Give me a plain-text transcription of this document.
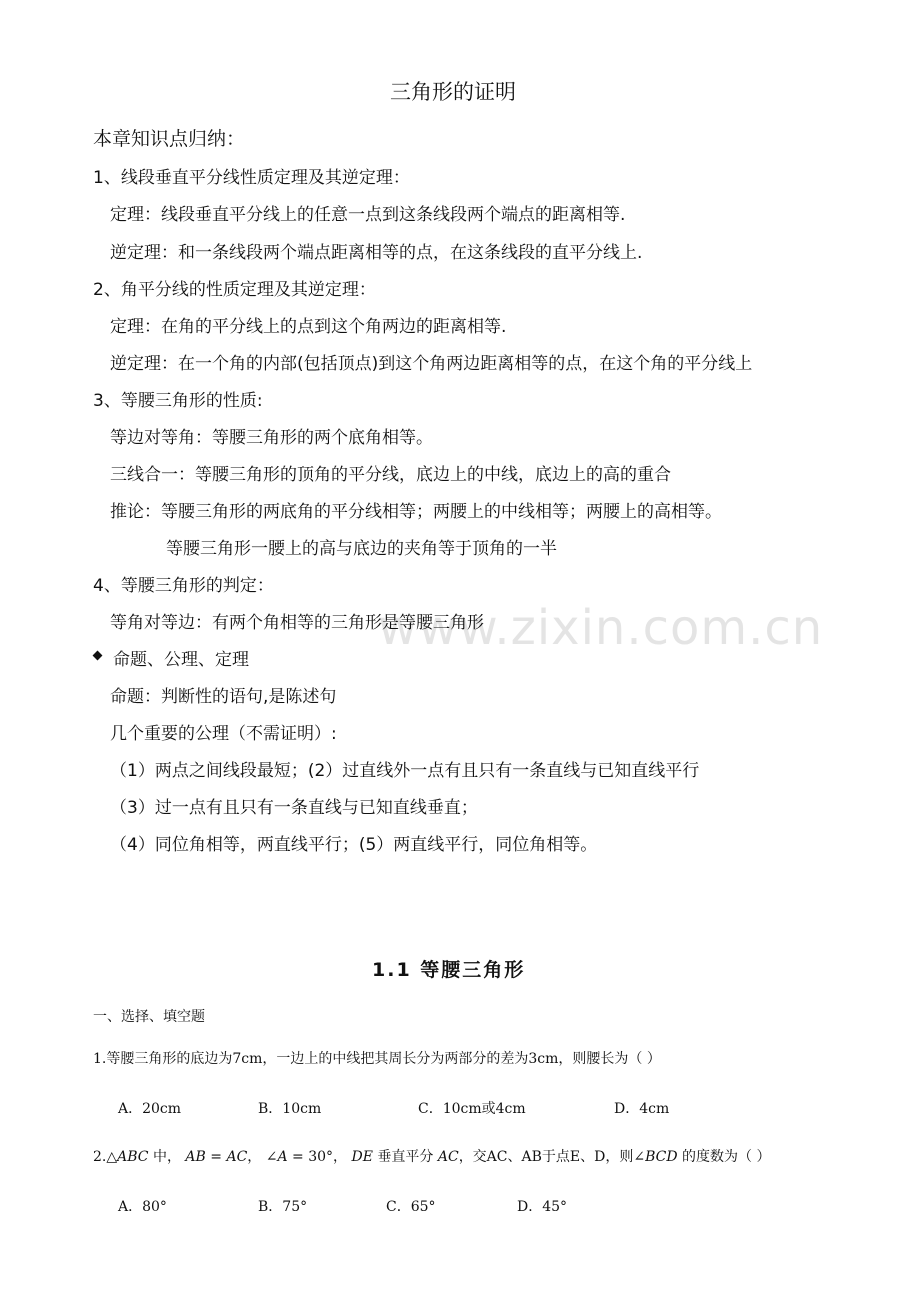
www.zixin.com.cn
三角形的证明
本章知识点归纳：
1、线段垂直平分线性质定理及其逆定理：
定理：线段垂直平分线上的任意一点到这条线段两个端点的距离相等.
逆定理：和一条线段两个端点距离相等的点，在这条线段的直平分线上.
2、角平分线的性质定理及其逆定理：
定理：在角的平分线上的点到这个角两边的距离相等.
逆定理：在一个角的内部(包括顶点)到这个角两边距离相等的点，在这个角的平分线上
3、等腰三角形的性质:
等边对等角：等腰三角形的两个底角相等。
三线合一：等腰三角形的顶角的平分线，底边上的中线，底边上的高的重合
推论：等腰三角形的两底角的平分线相等；两腰上的中线相等；两腰上的高相等。
等腰三角形一腰上的高与底边的夹角等于顶角的一半
4、等腰三角形的判定：
等角对等边：有两个角相等的三角形是等腰三角形
命题、公理、定理
命题：判断性的语句,是陈述句
几个重要的公理（不需证明）:
（1）两点之间线段最短；(2）过直线外一点有且只有一条直线与已知直线平行
（3）过一点有且只有一条直线与已知直线垂直；
（4）同位角相等，两直线平行；(5）两直线平行，同位角相等。
1.1 等腰三角形
一、选择、填空题
1.等腰三角形的底边为7cm，一边上的中线把其周长分为两部分的差为3cm，则腰长为（ ）
A．20cm	B．10cm	C．10cm或4cm	D．4cm
2.△ABC 中， AB = AC， ∠A = 30°， DE 垂直平分 AC，交AC、AB于点E、D，则∠BCD 的度数为（ ）
A．80°	B．75°	C．65°	D．45°
